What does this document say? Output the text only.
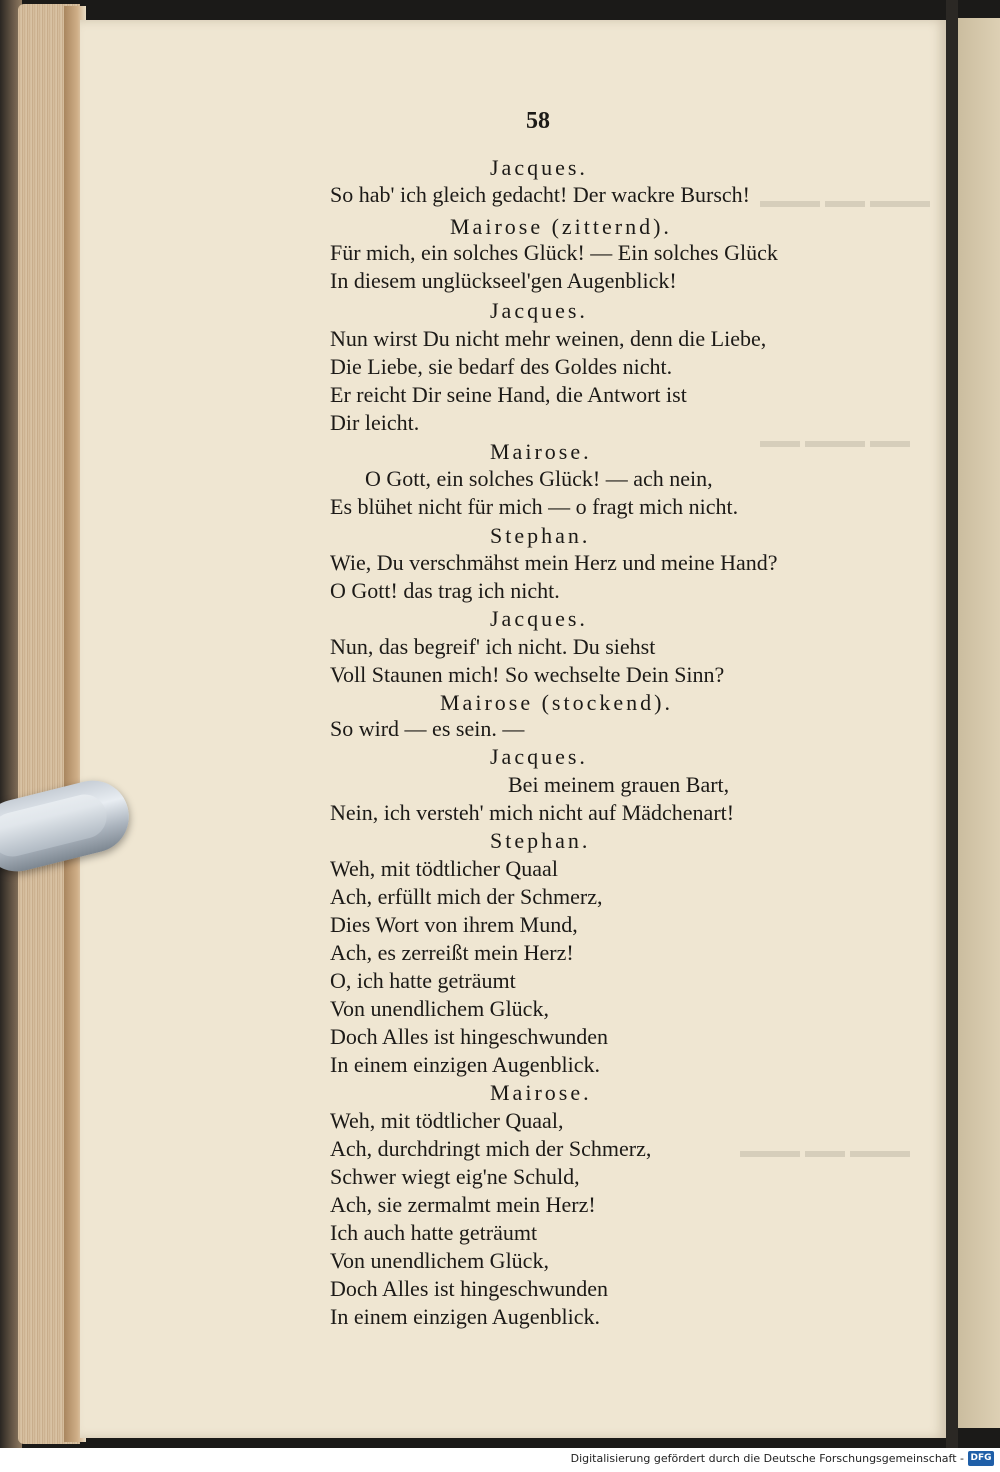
▬▬▬ ▬▬ ▬▬▬
▬▬ ▬▬▬ ▬▬
▬▬▬ ▬▬ ▬▬▬
58
Jacques.
So hab' ich gleich gedacht! Der wackre Bursch!
Mairose (zitternd).
Für mich, ein solches Glück! — Ein solches Glück
In diesem unglückseel'gen Augenblick!
Jacques.
Nun wirst Du nicht mehr weinen, denn die Liebe,
Die Liebe, sie bedarf des Goldes nicht.
Er reicht Dir seine Hand, die Antwort ist
Dir leicht.
Mairose.
O Gott, ein solches Glück! — ach nein,
Es blühet nicht für mich — o fragt mich nicht.
Stephan.
Wie, Du verschmähst mein Herz und meine Hand?
O Gott! das trag ich nicht.
Jacques.
Nun, das begreif' ich nicht. Du siehst
Voll Staunen mich! So wechselte Dein Sinn?
Mairose (stockend).
So wird — es sein. —
Jacques.
Bei meinem grauen Bart,
Nein, ich versteh' mich nicht auf Mädchenart!
Stephan.
Weh, mit tödtlicher Quaal
Ach, erfüllt mich der Schmerz,
Dies Wort von ihrem Mund,
Ach, es zerreißt mein Herz!
O, ich hatte geträumt
Von unendlichem Glück,
Doch Alles ist hingeschwunden
In einem einzigen Augenblick.
Mairose.
Weh, mit tödtlicher Quaal,
Ach, durchdringt mich der Schmerz,
Schwer wiegt eig'ne Schuld,
Ach, sie zermalmt mein Herz!
Ich auch hatte geträumt
Von unendlichem Glück,
Doch Alles ist hingeschwunden
In einem einzigen Augenblick.
Digitalisierung gefördert durch die Deutsche Forschungsgemeinschaft - DFG
